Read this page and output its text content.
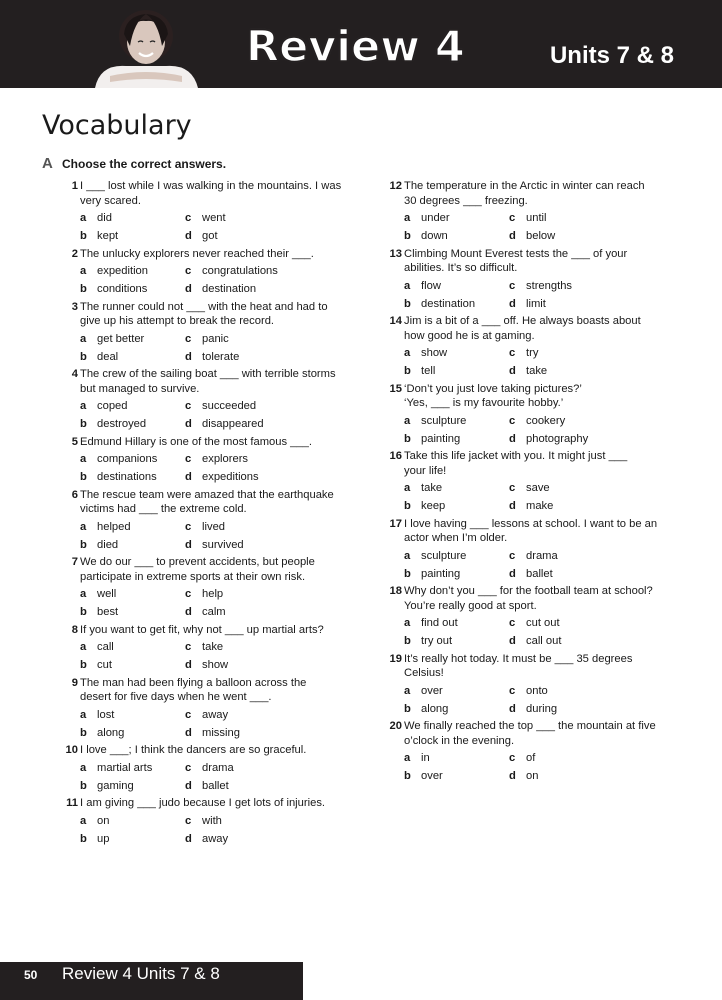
Review 4	Units 7 & 8
Vocabulary
A Choose the correct answers.
1 I ___ lost while I was walking in the mountains. I was
very scared.
a did	c went
b kept	d got
2 The unlucky explorers never reached their ___.
a expedition	c congratulations
b conditions	d destination
3 The runner could not ___ with the heat and had to
give up his attempt to break the record.
a get better	c panic
b deal	d tolerate
4 The crew of the sailing boat ___ with terrible storms
but managed to survive.
a coped	c succeeded
b destroyed	d disappeared
5 Edmund Hillary is one of the most famous ___.
a companions c explorers
b destinations	d expeditions
6 The rescue team were amazed that the earthquake
victims had ___ the extreme cold.
a helped	c lived
b died	d survived
7 We do our ___ to prevent accidents, but people
participate in extreme sports at their own risk.
a well	c help
b best	d calm
8 If you want to get fit, why not ___ up martial arts?
a call	c take
b cut	d show
9 The man had been flying a balloon across the
desert for five days when he went ___.
a lost	c away
b along	d missing
10 I love ___; I think the dancers are so graceful.
a martial arts	c drama
b gaming	d ballet
11 I am giving ___ judo because I get lots of injuries.
a on	c with
b up	d away
12 The temperature in the Arctic in winter can reach
30 degrees ___ freezing.
a under	c until
b down	d below
13 Climbing Mount Everest tests the ___ of your
abilities. It’s so difficult.
a flow	c strengths
b destination	d limit
14 Jim is a bit of a ___ off. He always boasts about
how good he is at gaming.
a show	c try
b tell	d take
15 ‘Don’t you just love taking pictures?’
‘Yes, ___ is my favourite hobby.’
a sculpture	c cookery
b painting	d photography
16 Take this life jacket with you. It might just ___
your life!
a take	c save
b keep	d make
17 I love having ___ lessons at school. I want to be an
actor when I’m older.
a sculpture	c drama
b painting	d ballet
18 Why don’t you ___ for the football team at school?
You’re really good at sport.
a find out	c cut out
b try out	d call out
19 It’s really hot today. It must be ___ 35 degrees
Celsius!
a over	c onto
b along	d during
20 We finally reached the top ___ the mountain at five
o’clock in the evening.
a in	c of
b over	d on
50 Review 4 Units 7 & 8
